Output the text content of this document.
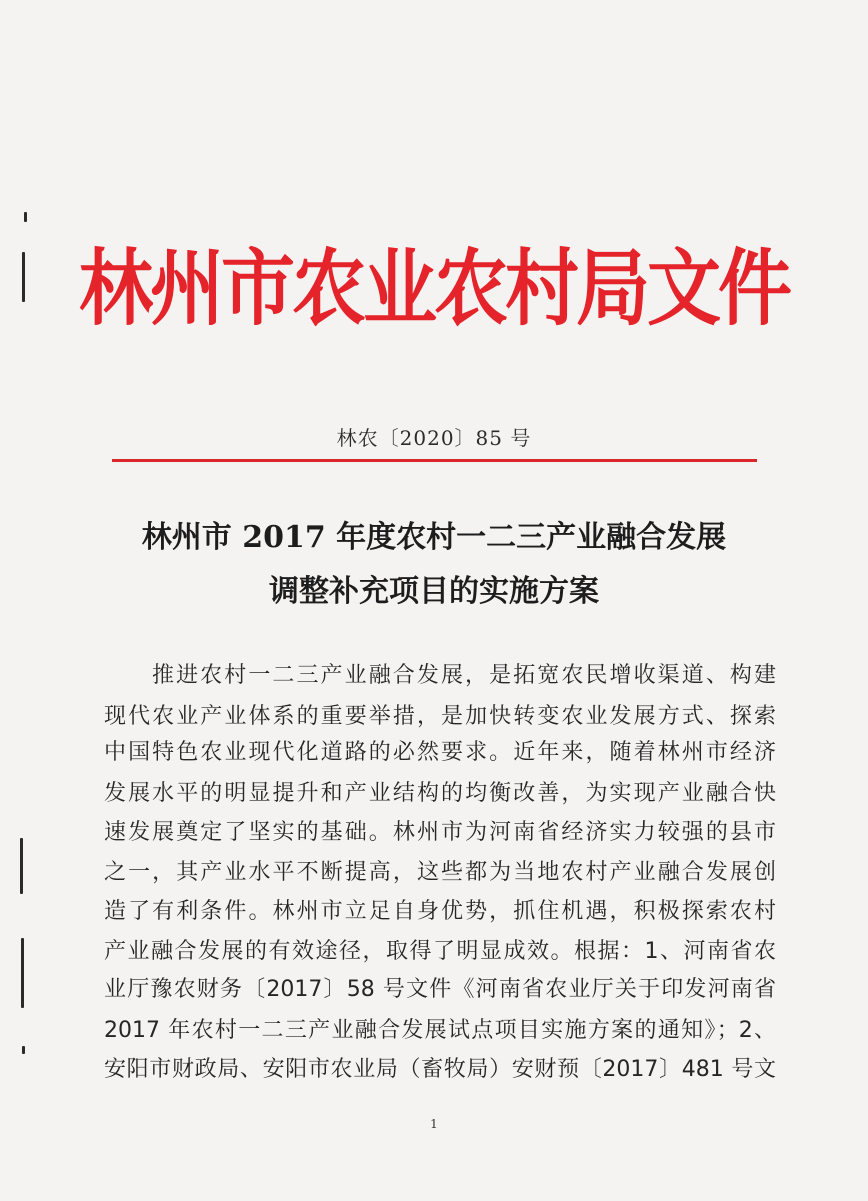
林州市农业农村局文件
林农〔2020〕85 号
林州市 2017 年度农村一二三产业融合发展
调整补充项目的实施方案
推进农村一二三产业融合发展，是拓宽农民增收渠道、构建
现代农业产业体系的重要举措，是加快转变农业发展方式、探索
中国特色农业现代化道路的必然要求。近年来，随着林州市经济
发展水平的明显提升和产业结构的均衡改善，为实现产业融合快
速发展奠定了坚实的基础。林州市为河南省经济实力较强的县市
之一，其产业水平不断提高，这些都为当地农村产业融合发展创
造了有利条件。林州市立足自身优势，抓住机遇，积极探索农村
产业融合发展的有效途径，取得了明显成效。根据：1、河南省农
业厅豫农财务〔2017〕58 号文件《河南省农业厅关于印发河南省
2017 年农村一二三产业融合发展试点项目实施方案的通知》；2、
安阳市财政局、安阳市农业局（畜牧局）安财预〔2017〕481 号文
1
